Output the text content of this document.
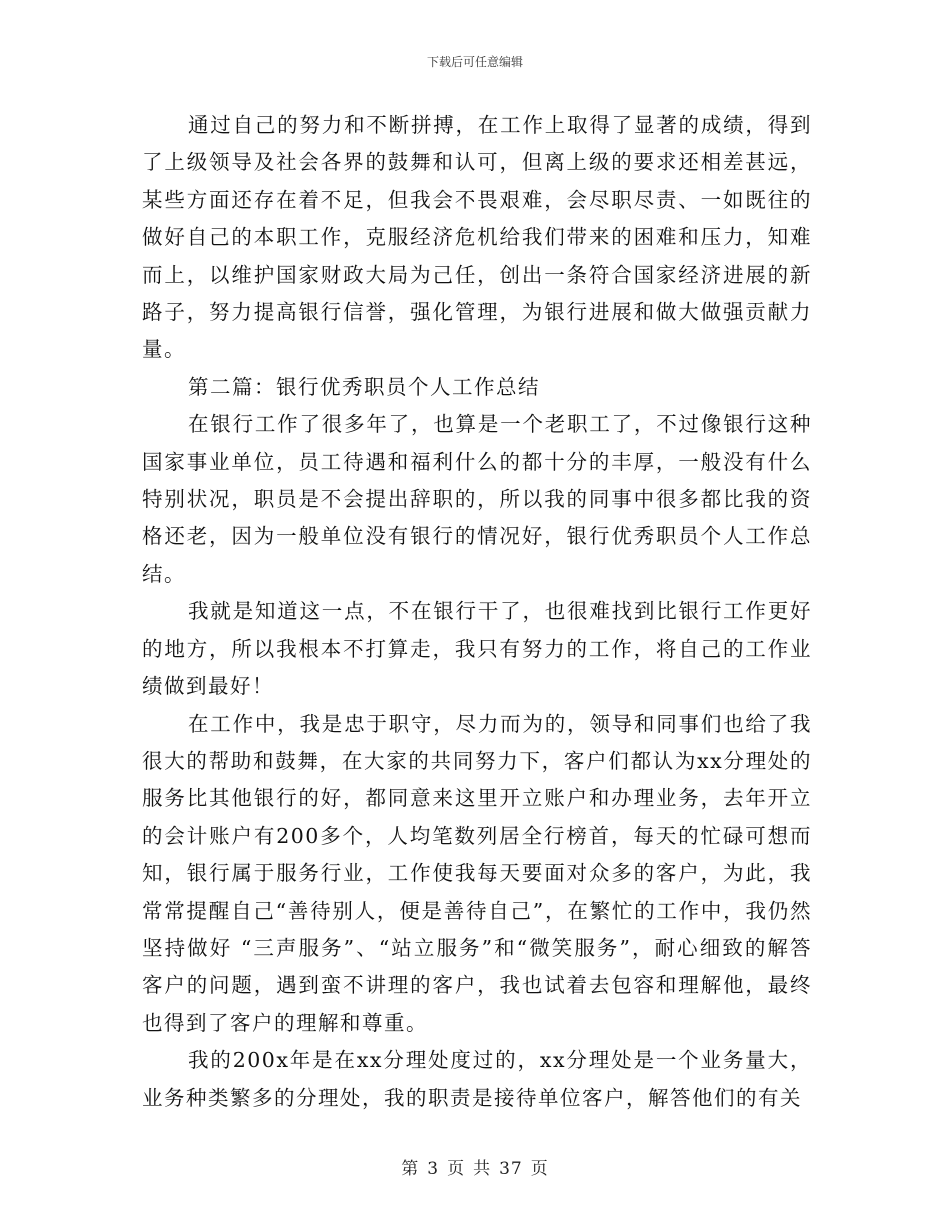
下载后可任意编辑

通过自己的努力和不断拼搏，在工作上取得了显著的成绩，得到了上级领导及社会各界的鼓舞和认可，但离上级的要求还相差甚远，某些方面还存在着不足，但我会不畏艰难，会尽职尽责、一如既往的做好自己的本职工作，克服经济危机给我们带来的困难和压力，知难而上，以维护国家财政大局为己任，创出一条符合国家经济进展的新路子，努力提高银行信誉，强化管理，为银行进展和做大做强贡献力量。

第二篇：银行优秀职员个人工作总结

在银行工作了很多年了，也算是一个老职工了，不过像银行这种国家事业单位，员工待遇和福利什么的都十分的丰厚，一般没有什么特别状况，职员是不会提出辞职的，所以我的同事中很多都比我的资格还老，因为一般单位没有银行的情况好，银行优秀职员个人工作总结。

我就是知道这一点，不在银行干了，也很难找到比银行工作更好的地方，所以我根本不打算走，我只有努力的工作，将自己的工作业绩做到最好！

在工作中，我是忠于职守，尽力而为的，领导和同事们也给了我很大的帮助和鼓舞，在大家的共同努力下，客户们都认为xx分理处的服务比其他银行的好，都同意来这里开立账户和办理业务，去年开立的会计账户有200多个，人均笔数列居全行榜首，每天的忙碌可想而知，银行属于服务行业，工作使我每天要面对众多的客户，为此，我常常提醒自己“善待别人，便是善待自己”，在繁忙的工作中，我仍然坚持做好 “三声服务”、“站立服务”和“微笑服务”，耐心细致的解答客户的问题，遇到蛮不讲理的客户，我也试着去包容和理解他，最终也得到了客户的理解和尊重。

我的200x年是在xx分理处度过的，xx分理处是一个业务量大，业务种类繁多的分理处，我的职责是接待单位客户，解答他们的有关

第 3 页 共 37 页
